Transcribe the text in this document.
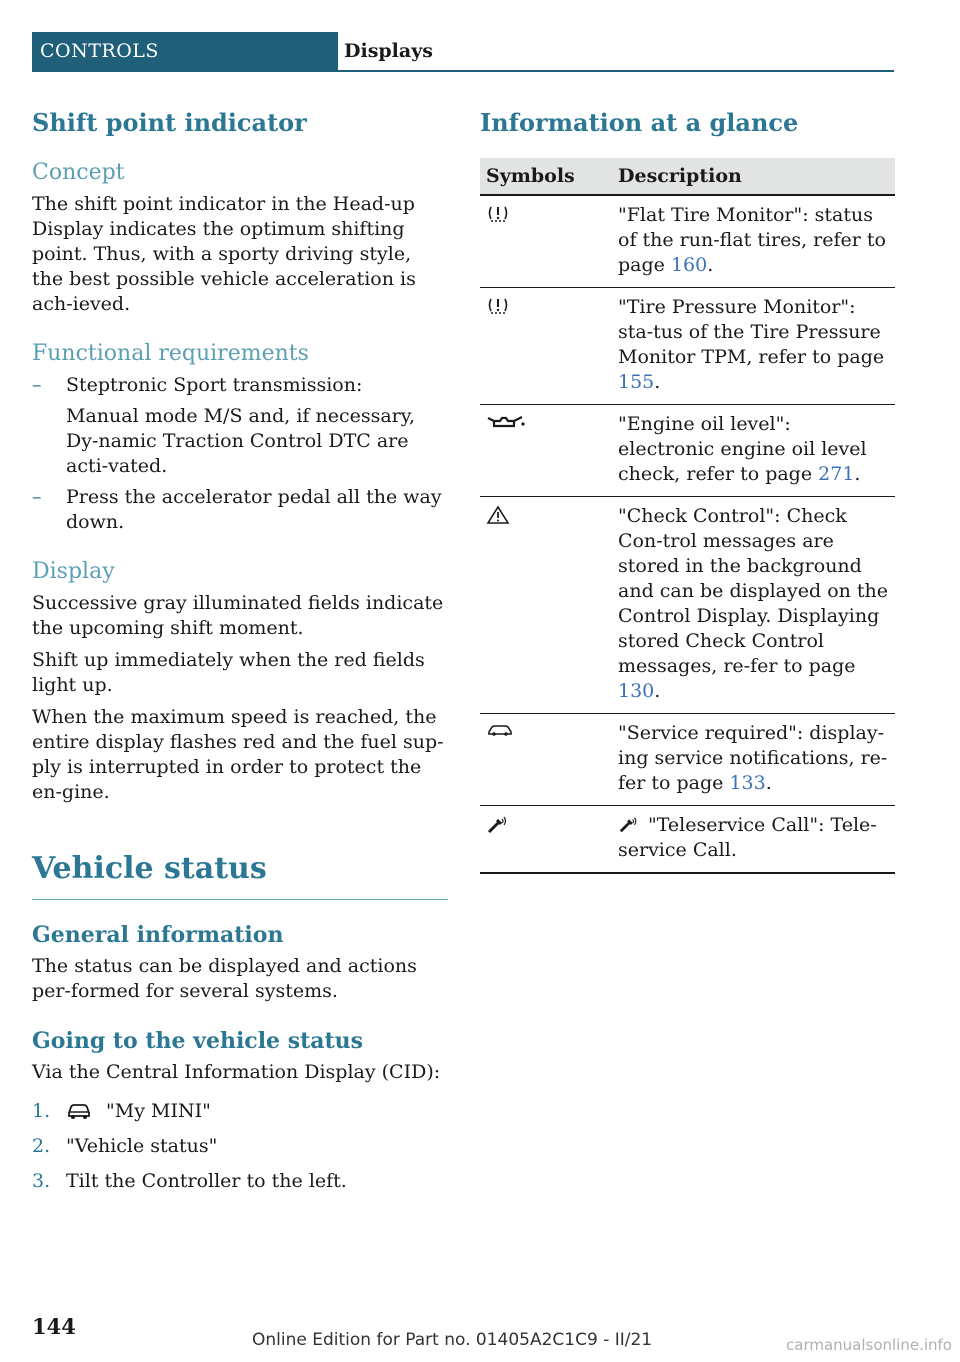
CONTROLS	Displays
Shift point indicator
Concept

The shift point indicator in the Head-up Display indicates the optimum shifting point. Thus, with a sporty driving style, the best possible vehicle acceleration is ach‐ieved.

Functional requirements
– Steptronic Sport transmission:

Manual mode M/S and, if necessary, Dy‐namic Traction Control DTC are acti‐vated.

– Press the accelerator pedal all the way down.
Display

Successive gray illuminated fields indicate the upcoming shift moment.

Shift up immediately when the red fields light up.

When the maximum speed is reached, the entire display flashes red and the fuel sup‐ply is interrupted in order to protect the en‐gine.

Vehicle status
General information

The status can be displayed and actions per‐formed for several systems.

Going to the vehicle status

Via the Central Information Display (CID):

1.	"My MINI"
2. "Vehicle status"
3. Tilt the Controller to the left.
Information at a glance
Symbols	Description

	"Flat Tire Monitor": status of the run-flat tires, refer to page 160.

	"Tire Pressure Monitor": sta‐tus of the Tire Pressure Monitor TPM, refer to page 155.

	"Engine oil level": electronic engine oil level check, refer to page 271.

	"Check Control": Check Con‐trol messages are stored in the background and can be displayed on the Control Display. Displaying stored Check Control messages, re‐fer to page 130.

	"Service required": display‐ing service notifications, re‐fer to page 133.

"Teleservice Call": Tele‐service Call.
144
Online Edition for Part no. 01405A2C1C9 - II/21	carmanualsonline.info
